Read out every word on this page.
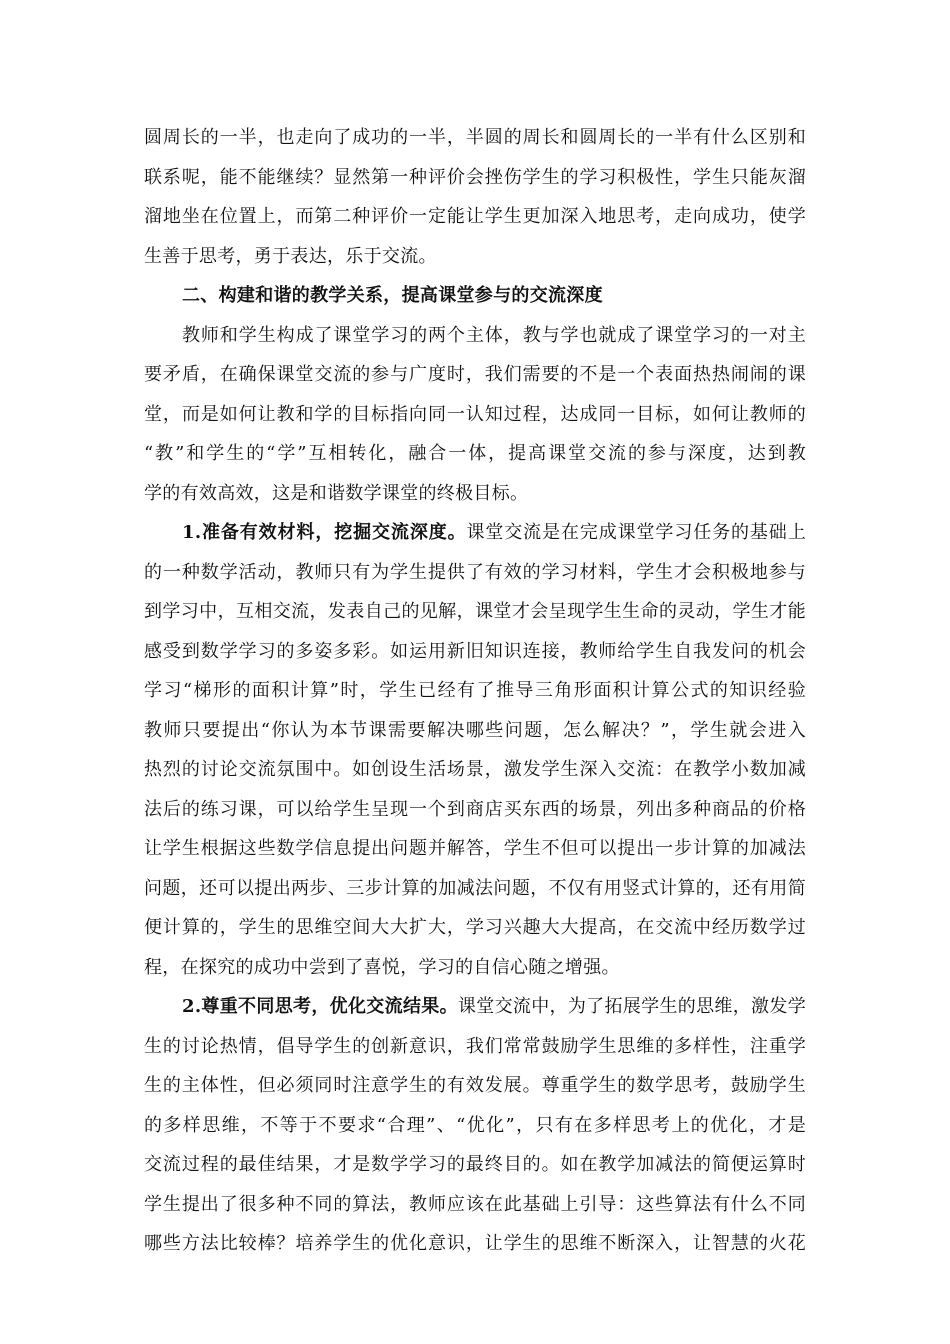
圆周长的一半，也走向了成功的一半，半圆的周长和圆周长的一半有什么区别和
联系呢，能不能继续？显然第一种评价会挫伤学生的学习积极性，学生只能灰溜
溜地坐在位置上，而第二种评价一定能让学生更加深入地思考，走向成功，使学
生善于思考，勇于表达，乐于交流。
二、构建和谐的教学关系，提高课堂参与的交流深度
教师和学生构成了课堂学习的两个主体，教与学也就成了课堂学习的一对主
要矛盾，在确保课堂交流的参与广度时，我们需要的不是一个表面热热闹闹的课
堂，而是如何让教和学的目标指向同一认知过程，达成同一目标，如何让教师的
“教”和学生的“学”互相转化，融合一体，提高课堂交流的参与深度，达到教
学的有效高效，这是和谐数学课堂的终极目标。
1.准备有效材料，挖掘交流深度。课堂交流是在完成课堂学习任务的基础上
的一种数学活动，教师只有为学生提供了有效的学习材料，学生才会积极地参与
到学习中，互相交流，发表自己的见解，课堂才会呈现学生生命的灵动，学生才能
感受到数学学习的多姿多彩。如运用新旧知识连接，教师给学生自我发问的机会
学习“梯形的面积计算”时，学生已经有了推导三角形面积计算公式的知识经验
教师只要提出“你认为本节课需要解决哪些问题，怎么解决？”，学生就会进入
热烈的讨论交流氛围中。如创设生活场景，激发学生深入交流：在教学小数加减
法后的练习课，可以给学生呈现一个到商店买东西的场景，列出多种商品的价格
让学生根据这些数学信息提出问题并解答，学生不但可以提出一步计算的加减法
问题，还可以提出两步、三步计算的加减法问题，不仅有用竖式计算的，还有用简
便计算的，学生的思维空间大大扩大，学习兴趣大大提高，在交流中经历数学过
程，在探究的成功中尝到了喜悦，学习的自信心随之增强。
2.尊重不同思考，优化交流结果。课堂交流中，为了拓展学生的思维，激发学
生的讨论热情，倡导学生的创新意识，我们常常鼓励学生思维的多样性，注重学
生的主体性，但必须同时注意学生的有效发展。尊重学生的数学思考，鼓励学生
的多样思维，不等于不要求“合理”、“优化”，只有在多样思考上的优化，才是
交流过程的最佳结果，才是数学学习的最终目的。如在教学加减法的简便运算时
学生提出了很多种不同的算法，教师应该在此基础上引导：这些算法有什么不同
哪些方法比较棒？培养学生的优化意识，让学生的思维不断深入，让智慧的火花
